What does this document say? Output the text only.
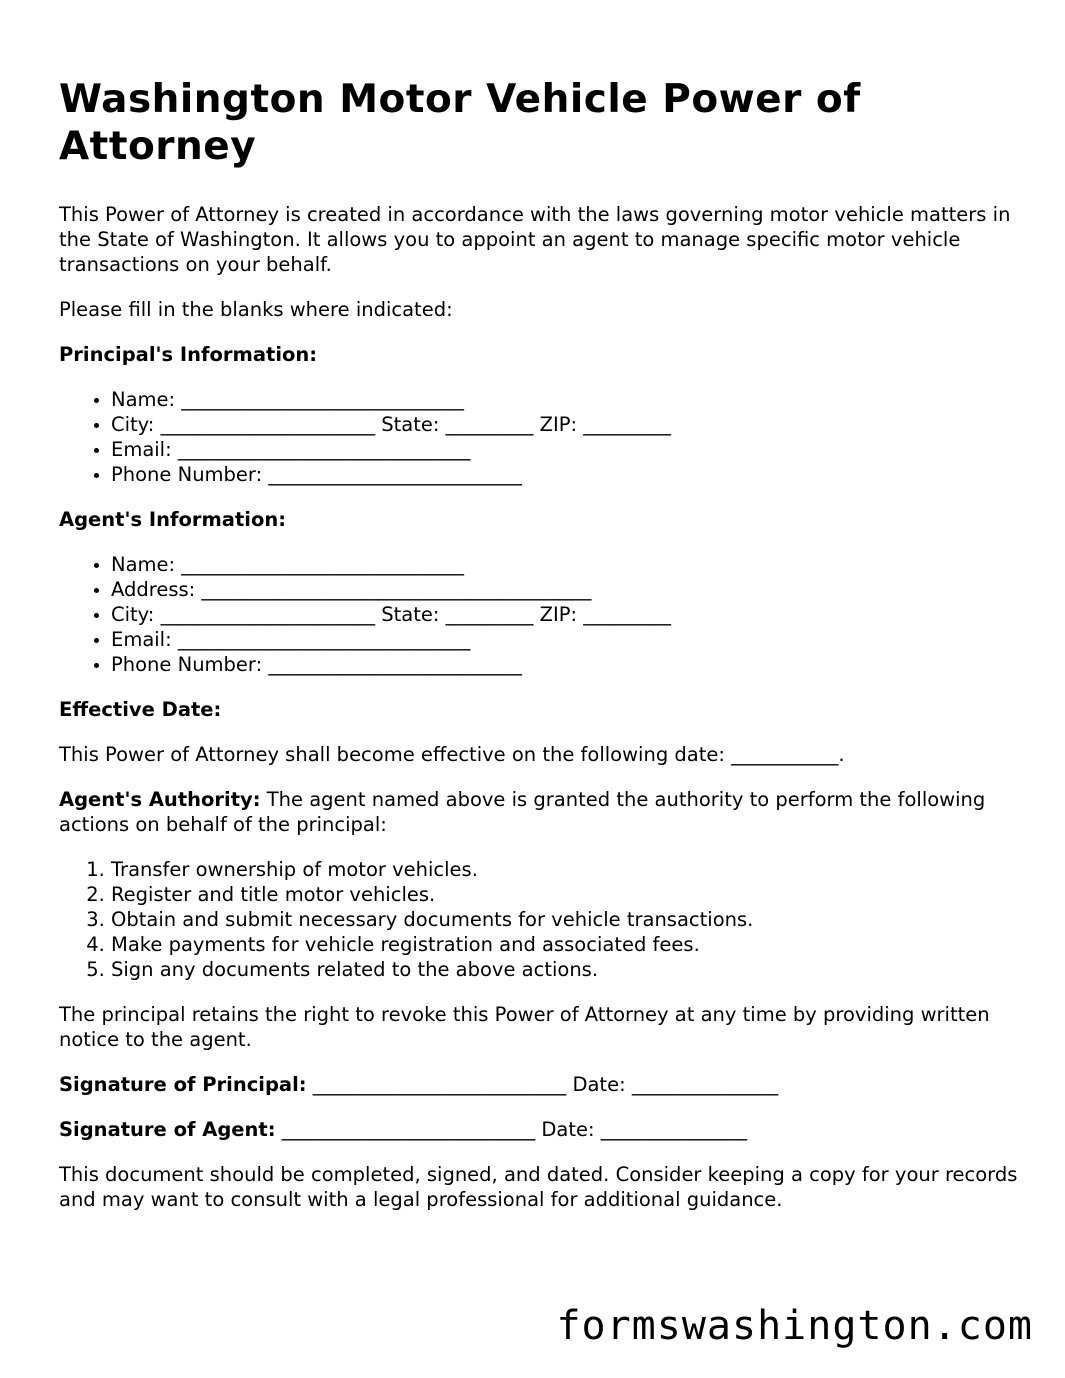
Washington Motor Vehicle Power of Attorney

This Power of Attorney is created in accordance with the laws governing motor vehicle matters in the State of Washington. It allows you to appoint an agent to manage specific motor vehicle transactions on your behalf.

Please fill in the blanks where indicated:

Principal's Information:

• Name: _____________________________
• City: ______________________ State: _________ ZIP: _________
• Email: ______________________________
• Phone Number: __________________________

Agent's Information:

• Name: _____________________________
• Address: ________________________________________
• City: ______________________ State: _________ ZIP: _________
• Email: ______________________________
• Phone Number: __________________________

Effective Date:

This Power of Attorney shall become effective on the following date: ___________.

Agent's Authority: The agent named above is granted the authority to perform the following actions on behalf of the principal:

1. Transfer ownership of motor vehicles.
2. Register and title motor vehicles.
3. Obtain and submit necessary documents for vehicle transactions.
4. Make payments for vehicle registration and associated fees.
5. Sign any documents related to the above actions.

The principal retains the right to revoke this Power of Attorney at any time by providing written notice to the agent.

Signature of Principal: __________________________ Date: _______________

Signature of Agent: __________________________ Date: _______________

This document should be completed, signed, and dated. Consider keeping a copy for your records and may want to consult with a legal professional for additional guidance.

formswashington.com
